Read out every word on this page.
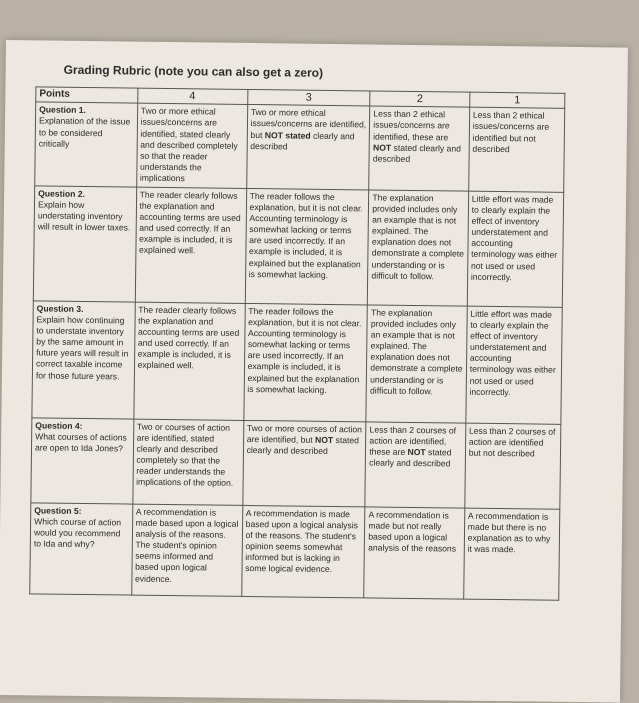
Grading Rubric (note you can also get a zero)
Points	4	3	2	1

Question 1.
Explanation of the issue to be considered critically	Two or more ethical issues/concerns are identified, stated clearly and described completely so that the reader understands the implications	Two or more ethical issues/concerns are identified, but NOT stated clearly and described	Less than 2 ethical issues/concerns are identified, these are NOT stated clearly and described	Less than 2 ethical issues/concerns are identified but not described

Question 2.
Explain how understating inventory will result in lower taxes.	The reader clearly follows the explanation and accounting terms are used and used correctly. If an example is included, it is explained well.	The reader follows the explanation, but it is not clear. Accounting terminology is somewhat lacking or terms are used incorrectly. If an example is included, it is explained but the explanation is somewhat lacking.	The explanation provided includes only an example that is not explained. The explanation does not demonstrate a complete understanding or is difficult to follow.	Little effort was made to clearly explain the effect of inventory understatement and accounting terminology was either not used or used incorrectly.

Question 3.
Explain how continuing to understate inventory by the same amount in future years will result in correct taxable income for those future years.	The reader clearly follows the explanation and accounting terms are used and used correctly. If an example is included, it is explained well.	The reader follows the explanation, but it is not clear. Accounting terminology is somewhat lacking or terms are used incorrectly. If an example is included, it is explained but the explanation is somewhat lacking.	The explanation provided includes only an example that is not explained. The explanation does not demonstrate a complete understanding or is difficult to follow.	Little effort was made to clearly explain the effect of inventory understatement and accounting terminology was either not used or used incorrectly.

Question 4:
What courses of actions are open to Ida Jones?	Two or courses of action are identified, stated clearly and described completely so that the reader understands the implications of the option.	Two or more courses of action are identified, but NOT stated clearly and described	Less than 2 courses of action are identified, these are NOT stated clearly and described	Less than 2 courses of action are identified but not described

Question 5:
Which course of action would you recommend to Ida and why?	A recommendation is made based upon a logical analysis of the reasons. The student's opinion seems informed and based upon logical evidence.	A recommendation is made based upon a logical analysis of the reasons. The student's opinion seems somewhat informed but is lacking in some logical evidence.	A recommendation is made but not really based upon a logical analysis of the reasons	A recommendation is made but there is no explanation as to why it was made.
